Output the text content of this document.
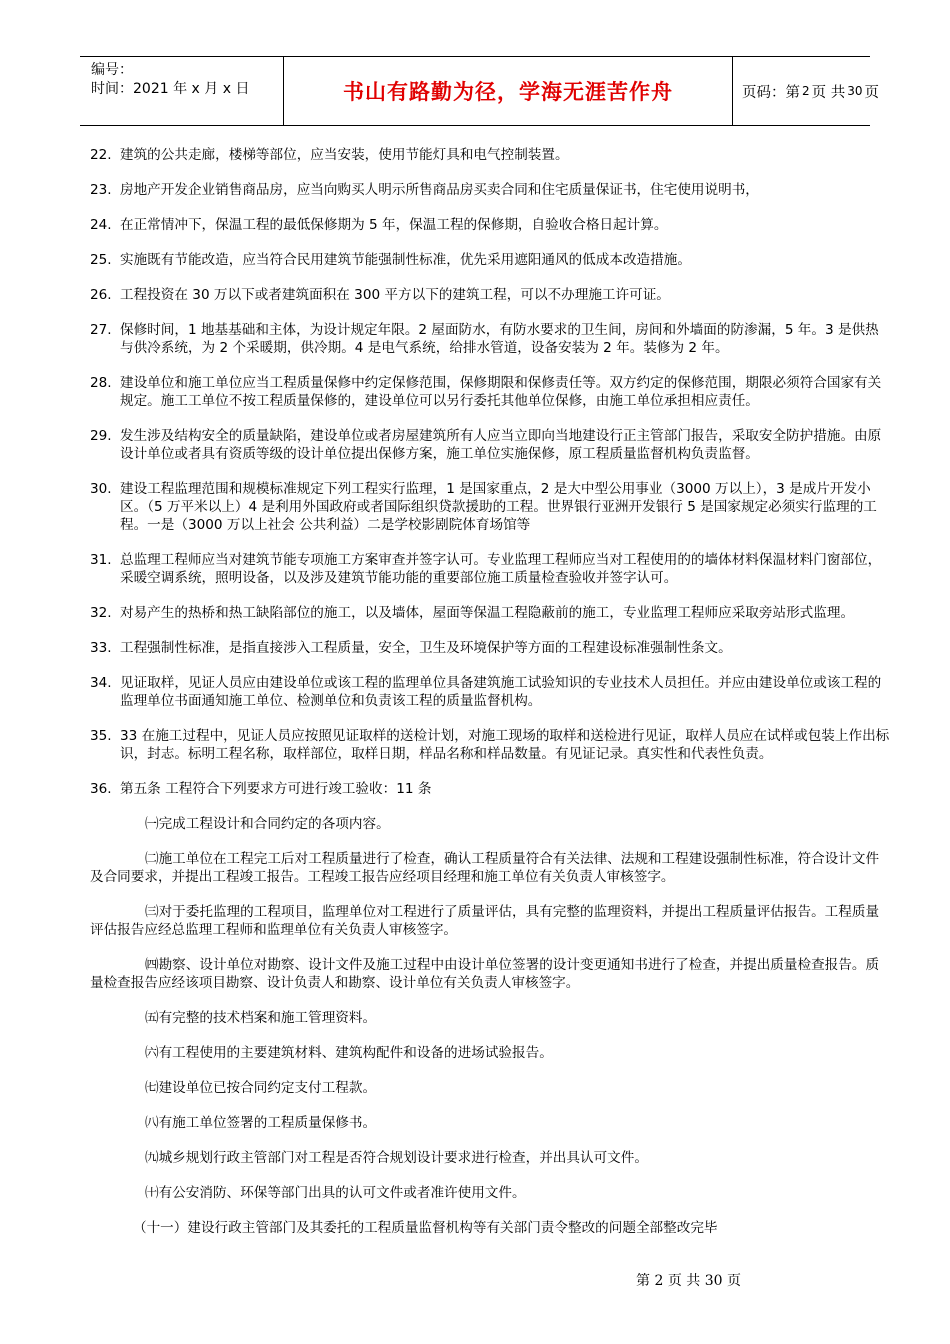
编号：
时间：2021 年 x 月 x 日	书山有路勤为径，学海无涯苦作舟	页码：第 2 页 共 30 页
22. 建筑的公共走廊，楼梯等部位，应当安装，使用节能灯具和电气控制装置。
23. 房地产开发企业销售商品房，应当向购买人明示所售商品房买卖合同和住宅质量保证书，住宅使用说明书，
24. 在正常情冲下，保温工程的最低保修期为 5 年，保温工程的保修期，自验收合格日起计算。
25. 实施既有节能改造，应当符合民用建筑节能强制性标准，优先采用遮阳通风的低成本改造措施。
26. 工程投资在 30 万以下或者建筑面积在 300 平方以下的建筑工程，可以不办理施工许可证。
27. 保修时间，1 地基基础和主体，为设计规定年限。2 屋面防水，有防水要求的卫生间，房间和外墙面的防渗漏，5 年。3 是供热与供冷系统，为 2 个采暖期，供冷期。4 是电气系统，给排水管道，设备安装为 2 年。装修为 2 年。
28. 建设单位和施工单位应当工程质量保修中约定保修范围，保修期限和保修责任等。双方约定的保修范围，期限必须符合国家有关规定。施工工单位不按工程质量保修的，建设单位可以另行委托其他单位保修，由施工单位承担相应责任。
29. 发生涉及结构安全的质量缺陷，建设单位或者房屋建筑所有人应当立即向当地建设行正主管部门报告，采取安全防护措施。由原设计单位或者具有资质等级的设计单位提出保修方案，施工单位实施保修，原工程质量监督机构负责监督。
30. 建设工程监理范围和规模标准规定下列工程实行监理，1 是国家重点，2 是大中型公用事业（3000 万以上），3 是成片开发小区。（5 万平米以上）4 是利用外国政府或者国际组织贷款援助的工程。世界银行亚洲开发银行 5 是国家规定必须实行监理的工程。一是（3000 万以上社会 公共利益）二是学校影剧院体育场馆等
31. 总监理工程师应当对建筑节能专项施工方案审查并签字认可。专业监理工程师应当对工程使用的的墙体材料保温材料门窗部位，采暖空调系统，照明设备，以及涉及建筑节能功能的重要部位施工质量检查验收并签字认可。
32. 对易产生的热桥和热工缺陷部位的施工，以及墙体，屋面等保温工程隐蔽前的施工，专业监理工程师应采取旁站形式监理。
33. 工程强制性标准，是指直接涉入工程质量，安全，卫生及环境保护等方面的工程建设标准强制性条文。
34. 见证取样，见证人员应由建设单位或该工程的监理单位具备建筑施工试验知识的专业技术人员担任。并应由建设单位或该工程的监理单位书面通知施工单位、检测单位和负责该工程的质量监督机构。
35. 33 在施工过程中，见证人员应按照见证取样的送检计划，对施工现场的取样和送检进行见证，取样人员应在试样或包装上作出标识，封志。标明工程名称，取样部位，取样日期，样品名称和样品数量。有见证记录。真实性和代表性负责。
36. 第五条 工程符合下列要求方可进行竣工验收：11 条
㈠完成工程设计和合同约定的各项内容。
㈡施工单位在工程完工后对工程质量进行了检查，确认工程质量符合有关法律、法规和工程建设强制性标准，符合设计文件及合同要求，并提出工程竣工报告。工程竣工报告应经项目经理和施工单位有关负责人审核签字。
㈢对于委托监理的工程项目，监理单位对工程进行了质量评估，具有完整的监理资料，并提出工程质量评估报告。工程质量评估报告应经总监理工程师和监理单位有关负责人审核签字。
㈣勘察、设计单位对勘察、设计文件及施工过程中由设计单位签署的设计变更通知书进行了检查，并提出质量检查报告。质量检查报告应经该项目勘察、设计负责人和勘察、设计单位有关负责人审核签字。
㈤有完整的技术档案和施工管理资料。
㈥有工程使用的主要建筑材料、建筑构配件和设备的进场试验报告。
㈦建设单位已按合同约定支付工程款。
㈧有施工单位签署的工程质量保修书。
㈨城乡规划行政主管部门对工程是否符合规划设计要求进行检查，并出具认可文件。
㈩有公安消防、环保等部门出具的认可文件或者准许使用文件。
（十一）建设行政主管部门及其委托的工程质量监督机构等有关部门责令整改的问题全部整改完毕
第 2 页 共 30 页
